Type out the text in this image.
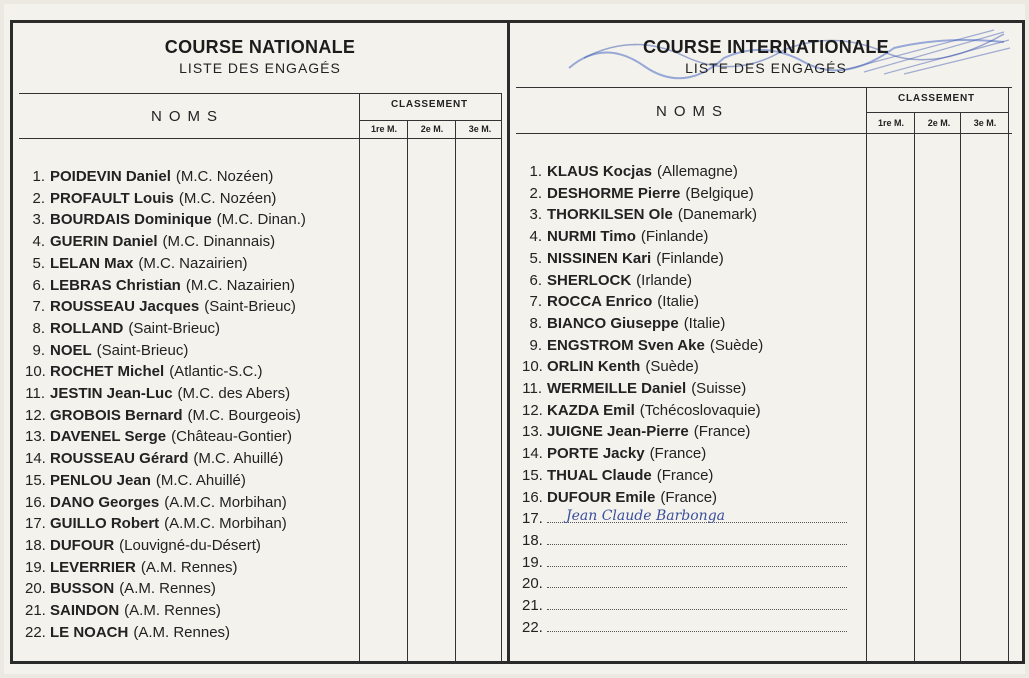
COURSE NATIONALE
LISTE DES ENGAGÉS
NOMS
CLASSEMENT
1re M.	2e M.	3e M.
1. POIDEVIN Daniel (M.C. Nozéen)
2. PROFAULT Louis (M.C. Nozéen)
3. BOURDAIS Dominique (M.C. Dinan.)
4. GUERIN Daniel (M.C. Dinannais)
5. LELAN Max (M.C. Nazairien)
6. LEBRAS Christian (M.C. Nazairien)
7. ROUSSEAU Jacques (Saint-Brieuc)
8. ROLLAND (Saint-Brieuc)
9. NOEL (Saint-Brieuc)
10. ROCHET Michel (Atlantic-S.C.)
11. JESTIN Jean-Luc (M.C. des Abers)
12. GROBOIS Bernard (M.C. Bourgeois)
13. DAVENEL Serge (Château-Gontier)
14. ROUSSEAU Gérard (M.C. Ahuillé)
15. PENLOU Jean (M.C. Ahuillé)
16. DANO Georges (A.M.C. Morbihan)
17. GUILLO Robert (A.M.C. Morbihan)
18. DUFOUR (Louvigné-du-Désert)
19. LEVERRIER (A.M. Rennes)
20. BUSSON (A.M. Rennes)
21. SAINDON (A.M. Rennes)
22. LE NOACH (A.M. Rennes)
COURSE INTERNATIONALE
LISTE DES ENGAGÉS
NOMS
CLASSEMENT
1re M.	2e M.	3e M.
1. KLAUS Kocjas (Allemagne)
2. DESHORME Pierre (Belgique)
3. THORKILSEN Ole (Danemark)
4. NURMI Timo (Finlande)
5. NISSINEN Kari (Finlande)
6. SHERLOCK (Irlande)
7. ROCCA Enrico (Italie)
8. BIANCO Giuseppe (Italie)
9. ENGSTROM Sven Ake (Suède)
10. ORLIN Kenth (Suède)
11. WERMEILLE Daniel (Suisse)
12. KAZDA Emil (Tchécoslovaquie)
13. JUIGNE Jean-Pierre (France)
14. PORTE Jacky (France)
15. THUAL Claude (France)
16. DUFOUR Emile (France)
17.	Jean Claude Barbonga
18.
19.
20.
21.
22.
